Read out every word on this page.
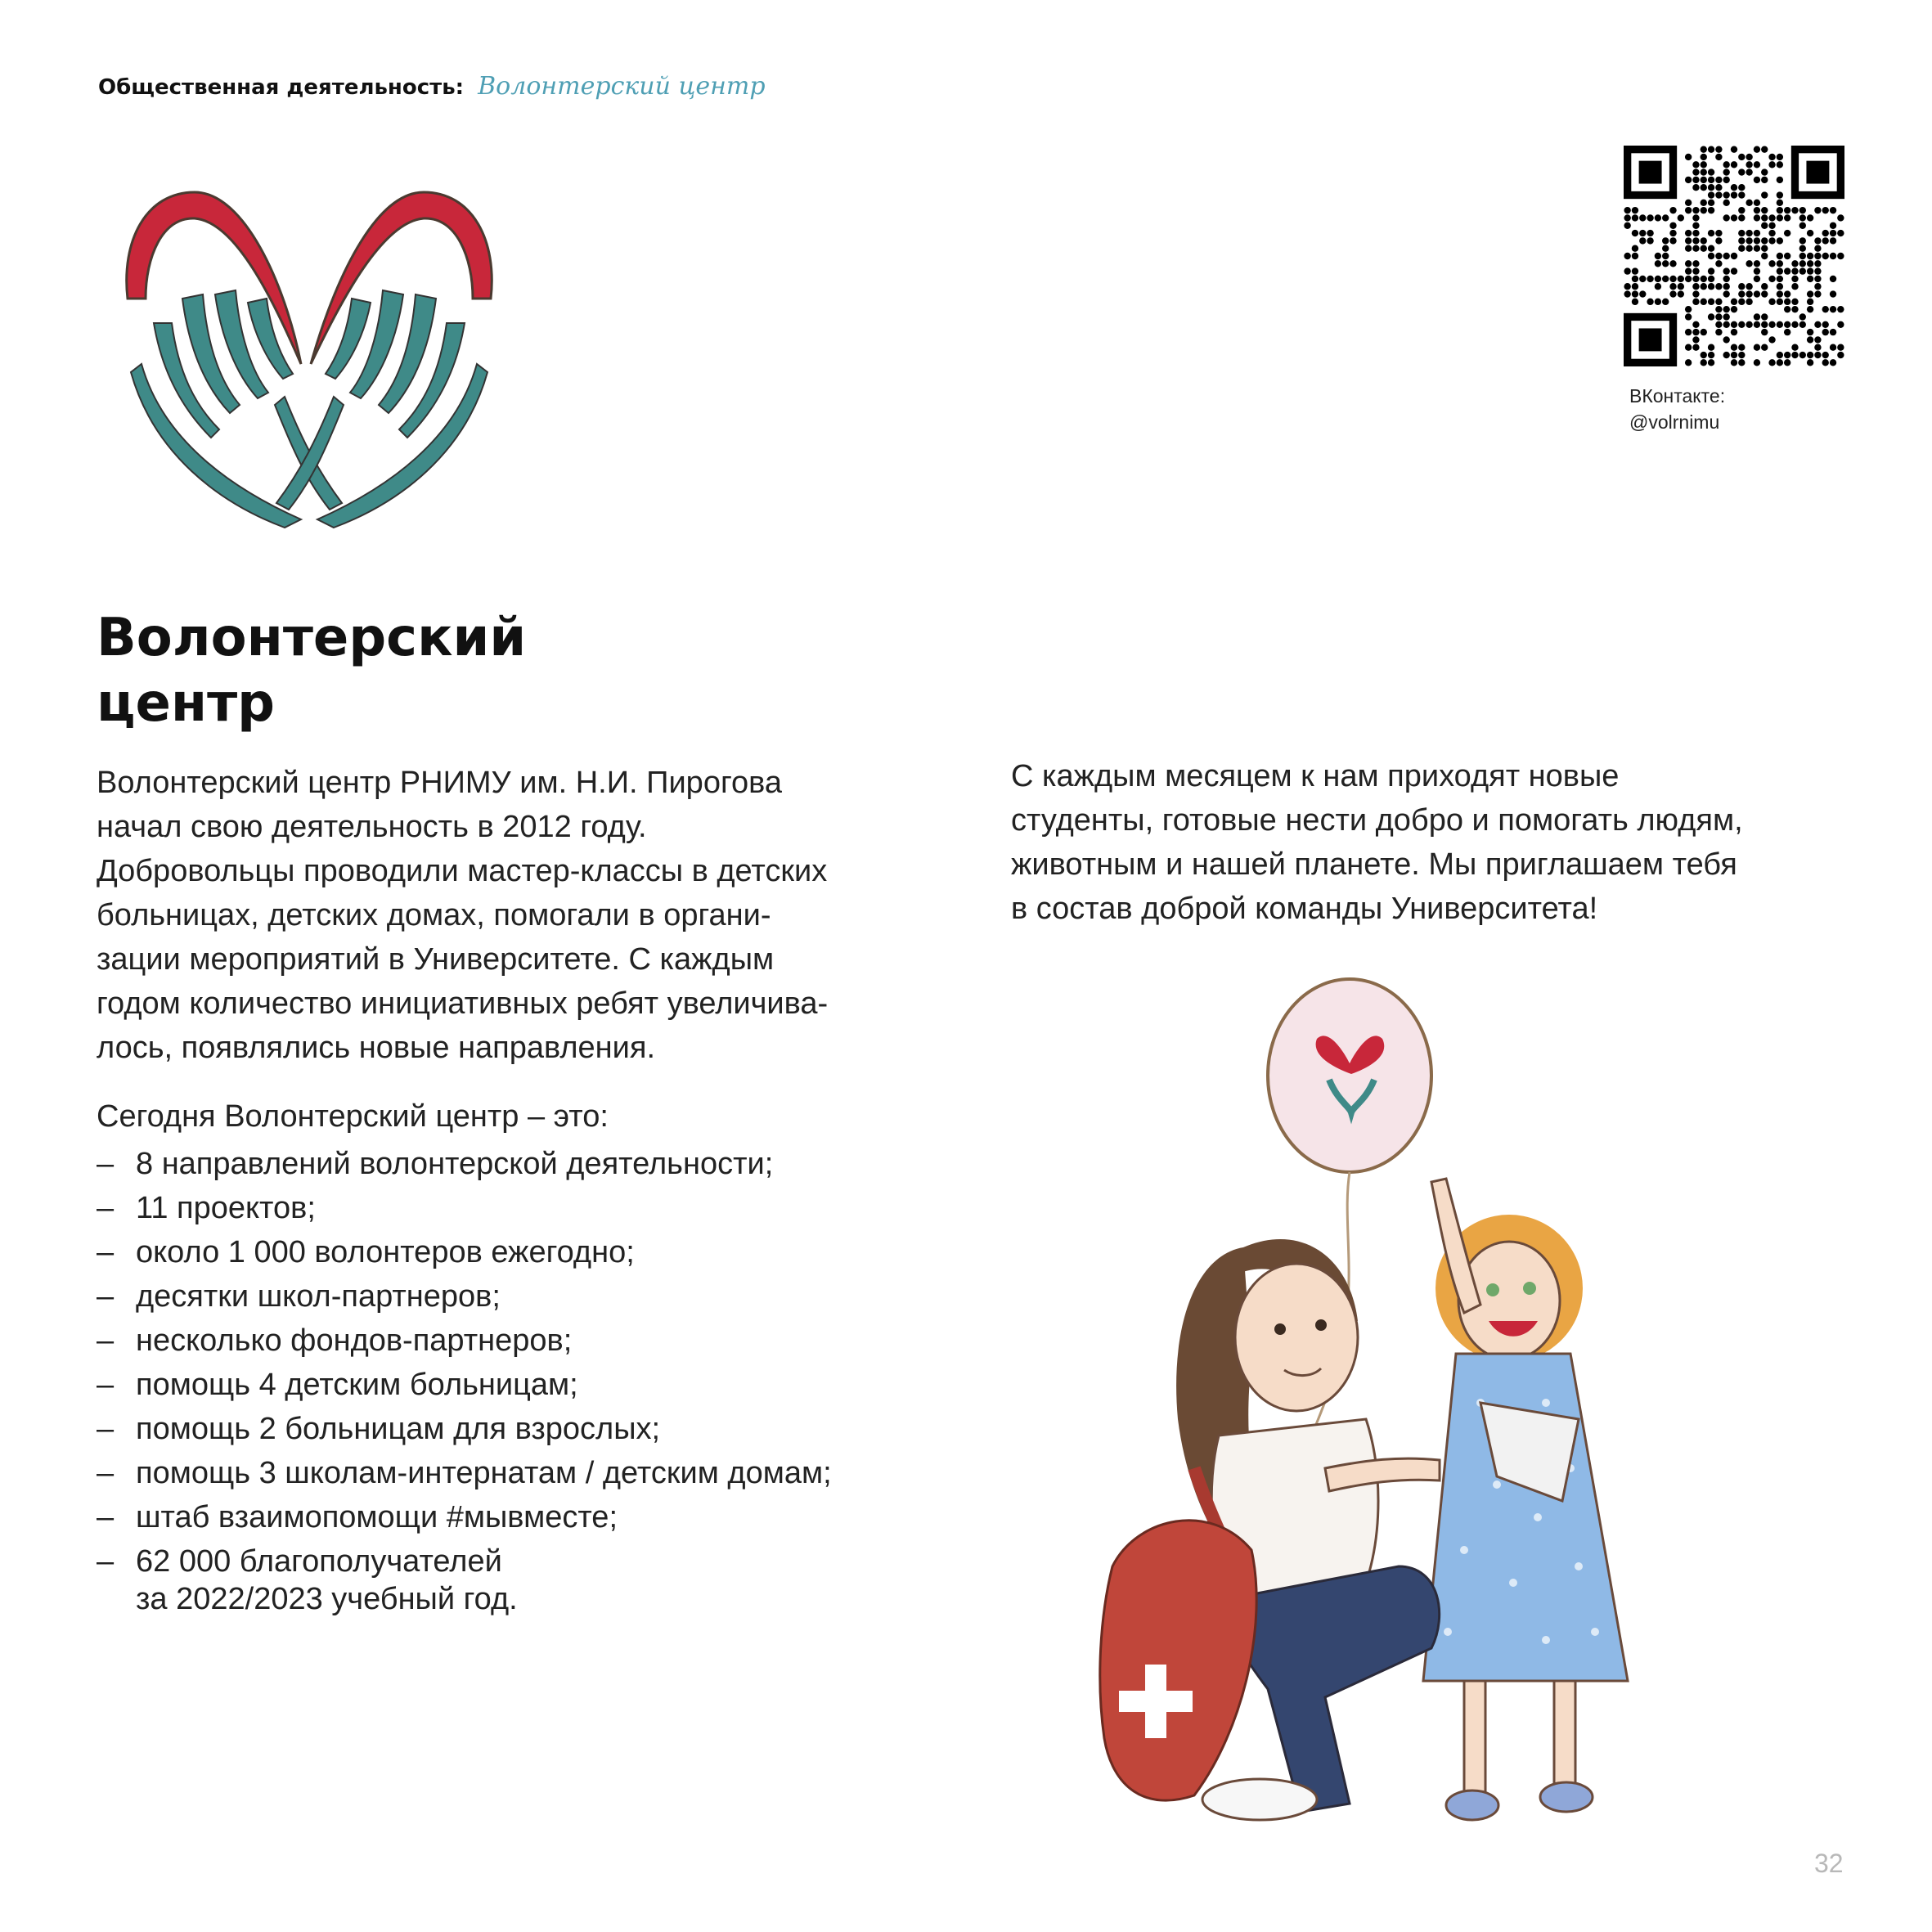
Общественная деятельность: Волонтерский центр
ВКонтакте:
@volrnimu
Волонтерский
центр
Волонтерский центр РНИМУ им. Н.И. Пирогова
начал свою деятельность в 2012 году.
Добровольцы проводили мастер-классы в детских
больницах, детских домах, помогали в органи-
зации мероприятий в Университете. С каждым
годом количество инициативных ребят увеличива-
лось, появлялись новые направления.
С каждым месяцем к нам приходят новые
студенты, готовые нести добро и помогать людям,
животным и нашей планете. Мы приглашаем тебя
в состав доброй команды Университета!
Сегодня Волонтерский центр – это:
– 8 направлений волонтерской деятельности;
– 11 проектов;
– около 1 000 волонтеров ежегодно;
– десятки школ-партнеров;
– несколько фондов-партнеров;
– помощь 4 детским больницам;
– помощь 2 больницам для взрослых;
– помощь 3 школам-интернатам / детским домам;
– штаб взаимопомощи #мывместе;
– 62 000 благополучателей
за 2022/2023 учебный год.
32
